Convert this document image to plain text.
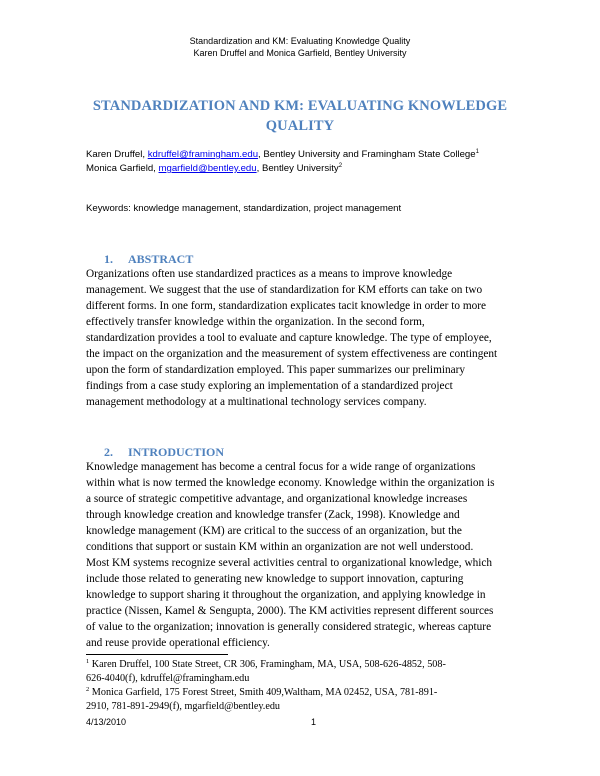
Standardization and KM: Evaluating Knowledge Quality
Karen Druffel and Monica Garfield, Bentley University
STANDARDIZATION AND KM: EVALUATING KNOWLEDGE
QUALITY
Karen Druffel, kdruffel@framingham.edu, Bentley University and Framingham State College$^1$
Monica Garfield, mgarfield@bentley.edu, Bentley University$^2$
Keywords: knowledge management, standardization, project management
1. ABSTRACT
Organizations often use standardized practices as a means to improve knowledge
management. We suggest that the use of standardization for KM efforts can take on two
different forms. In one form, standardization explicates tacit knowledge in order to more
effectively transfer knowledge within the organization. In the second form,
standardization provides a tool to evaluate and capture knowledge. The type of employee,
the impact on the organization and the measurement of system effectiveness are contingent
upon the form of standardization employed. This paper summarizes our preliminary
findings from a case study exploring an implementation of a standardized project
management methodology at a multinational technology services company.
2. INTRODUCTION
Knowledge management has become a central focus for a wide range of organizations
within what is now termed the knowledge economy. Knowledge within the organization is
a source of strategic competitive advantage, and organizational knowledge increases
through knowledge creation and knowledge transfer (Zack, 1998). Knowledge and
knowledge management (KM) are critical to the success of an organization, but the
conditions that support or sustain KM within an organization are not well understood.
Most KM systems recognize several activities central to organizational knowledge, which
include those related to generating new knowledge to support innovation, capturing
knowledge to support sharing it throughout the organization, and applying knowledge in
practice (Nissen, Kamel & Sengupta, 2000). The KM activities represent different sources
of value to the organization; innovation is generally considered strategic, whereas capture
and reuse provide operational efficiency.
$^1$ Karen Druffel, 100 State Street, CR 306, Framingham, MA, USA, 508-626-4852, 508-
626-4040(f), kdruffel@framingham.edu
$^2$ Monica Garfield, 175 Forest Street, Smith 409,Waltham, MA 02452, USA, 781-891-
2910, 781-891-2949(f), mgarfield@bentley.edu
4/13/2010	1
